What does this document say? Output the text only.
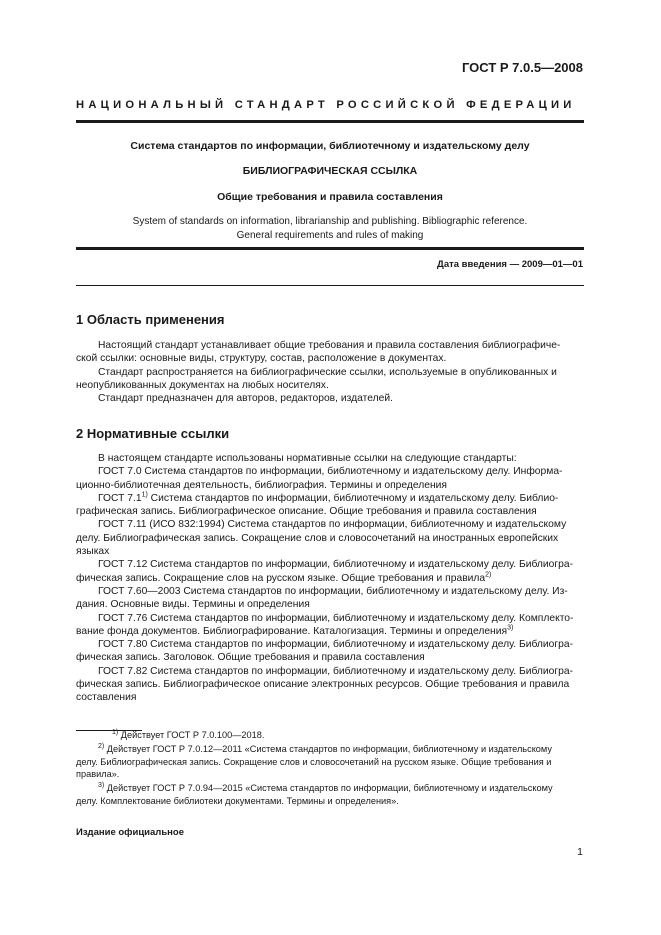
ГОСТ Р 7.0.5—2008
НАЦИОНАЛЬНЫЙ СТАНДАРТ РОССИЙСКОЙ ФЕДЕРАЦИИ
Система стандартов по информации, библиотечному и издательскому делу
БИБЛИОГРАФИЧЕСКАЯ ССЫЛКА
Общие требования и правила составления
System of standards on information, librarianship and publishing. Bibliographic reference.
General requirements and rules of making
Дата введения — 2009—01—01
1 Область применения
Настоящий стандарт устанавливает общие требования и правила составления библиографиче-
ской ссылки: основные виды, структуру, состав, расположение в документах.
Стандарт распространяется на библиографические ссылки, используемые в опубликованных и
неопубликованных документах на любых носителях.
Стандарт предназначен для авторов, редакторов, издателей.
2 Нормативные ссылки
В настоящем стандарте использованы нормативные ссылки на следующие стандарты:
ГОСТ 7.0 Система стандартов по информации, библиотечному и издательскому делу. Информа-
ционно-библиотечная деятельность, библиография. Термины и определения
ГОСТ 7.1$^{1)}$ Система стандартов по информации, библиотечному и издательскому делу. Библио-
графическая запись. Библиографическое описание. Общие требования и правила составления
ГОСТ 7.11 (ИСО 832:1994) Система стандартов по информации, библиотечному и издательскому
делу. Библиографическая запись. Сокращение слов и словосочетаний на иностранных европейских
языках
ГОСТ 7.12 Система стандартов по информации, библиотечному и издательскому делу. Библиогра-
фическая запись. Сокращение слов на русском языке. Общие требования и правила$^{2)}$
ГОСТ 7.60—2003 Система стандартов по информации, библиотечному и издательскому делу. Из-
дания. Основные виды. Термины и определения
ГОСТ 7.76 Система стандартов по информации, библиотечному и издательскому делу. Комплекто-
вание фонда документов. Библиографирование. Каталогизация. Термины и определения$^{3)}$
ГОСТ 7.80 Система стандартов по информации, библиотечному и издательскому делу. Библиогра-
фическая запись. Заголовок. Общие требования и правила составления
ГОСТ 7.82 Система стандартов по информации, библиотечному и издательскому делу. Библиогра-
фическая запись. Библиографическое описание электронных ресурсов. Общие требования и правила
составления
$^{1)}$ Действует ГОСТ Р 7.0.100—2018.
$^{2)}$ Действует ГОСТ Р 7.0.12—2011 «Система стандартов по информации, библиотечному и издательскому
делу. Библиографическая запись. Сокращение слов и словосочетаний на русском языке. Общие требования и
правила».
$^{3)}$ Действует ГОСТ Р 7.0.94—2015 «Система стандартов по информации, библиотечному и издательскому
делу. Комплектование библиотеки документами. Термины и определения».
Издание официальное
1
